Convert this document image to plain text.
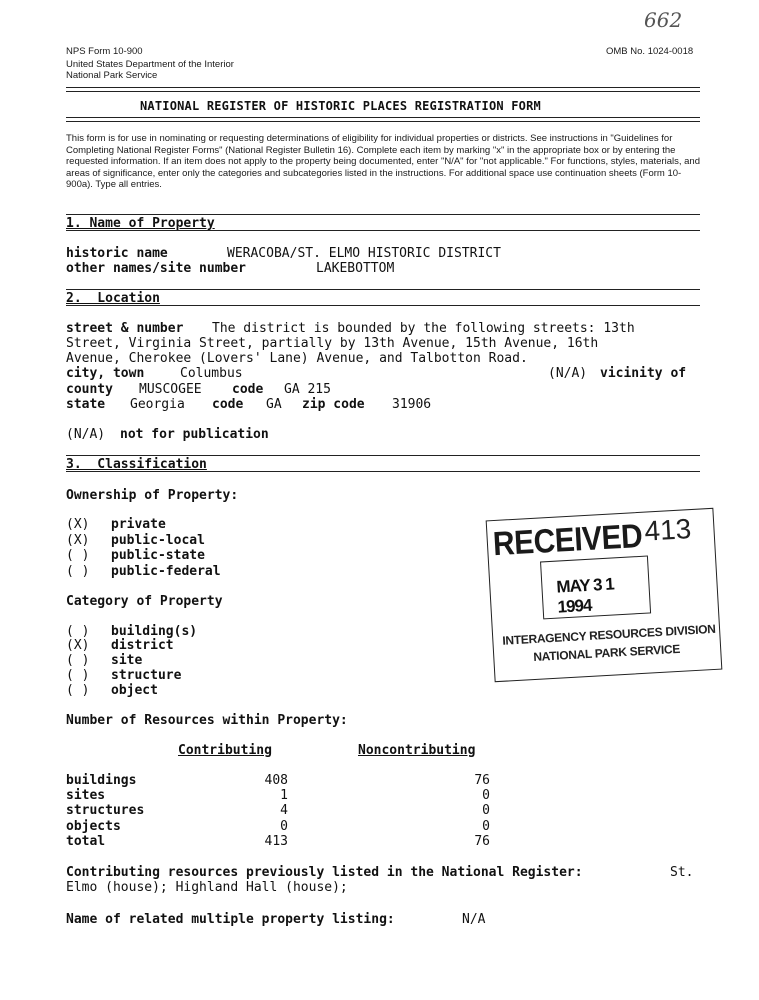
662
NPS Form 10-900	OMB No. 1024-0018
United States Department of the Interior
National Park Service
NATIONAL REGISTER OF HISTORIC PLACES REGISTRATION FORM
This form is for use in nominating or requesting determinations of eligibility for individual properties or districts. See instructions in "Guidelines for Completing National Register Forms" (National Register Bulletin 16). Complete each item by marking "x" in the appropriate box or by entering the requested information. If an item does not apply to the property being documented, enter "N/A" for "not applicable." For functions, styles, materials, and areas of significance, enter only the categories and subcategories listed in the instructions. For additional space use continuation sheets (Form 10-900a). Type all entries.
1. Name of Property
historic name	WERACOBA/ST. ELMO HISTORIC DISTRICT
other names/site number	LAKEBOTTOM
2.  Location
street & number The district is bounded by the following streets: 13th
Street, Virginia Street, partially by 13th Avenue, 15th Avenue, 16th
Avenue, Cherokee (Lovers' Lane) Avenue, and Talbotton Road.
city, town	Columbus	(N/A) vicinity of
county MUSCOGEE code GA 215
state Georgia code GA zip code 31906
(N/A) not for publication
3.  Classification
Ownership of Property:
(X) private
(X) public-local
( ) public-state
( ) public-federal
Category of Property
( ) building(s)
(X) district
( ) site
( ) structure
( ) object
Number of Resources within Property:
Contributing	Noncontributing
buildings	408	76
sites	1	0
structures	4	0
objects	0	0
total	413	76
Contributing resources previously listed in the National Register:	St.
Elmo (house); Highland Hall (house);
Name of related multiple property listing:	N/A
RECEIVED 413
MAY 3 1 1994
INTERAGENCY RESOURCES DIVISION
NATIONAL PARK SERVICE
